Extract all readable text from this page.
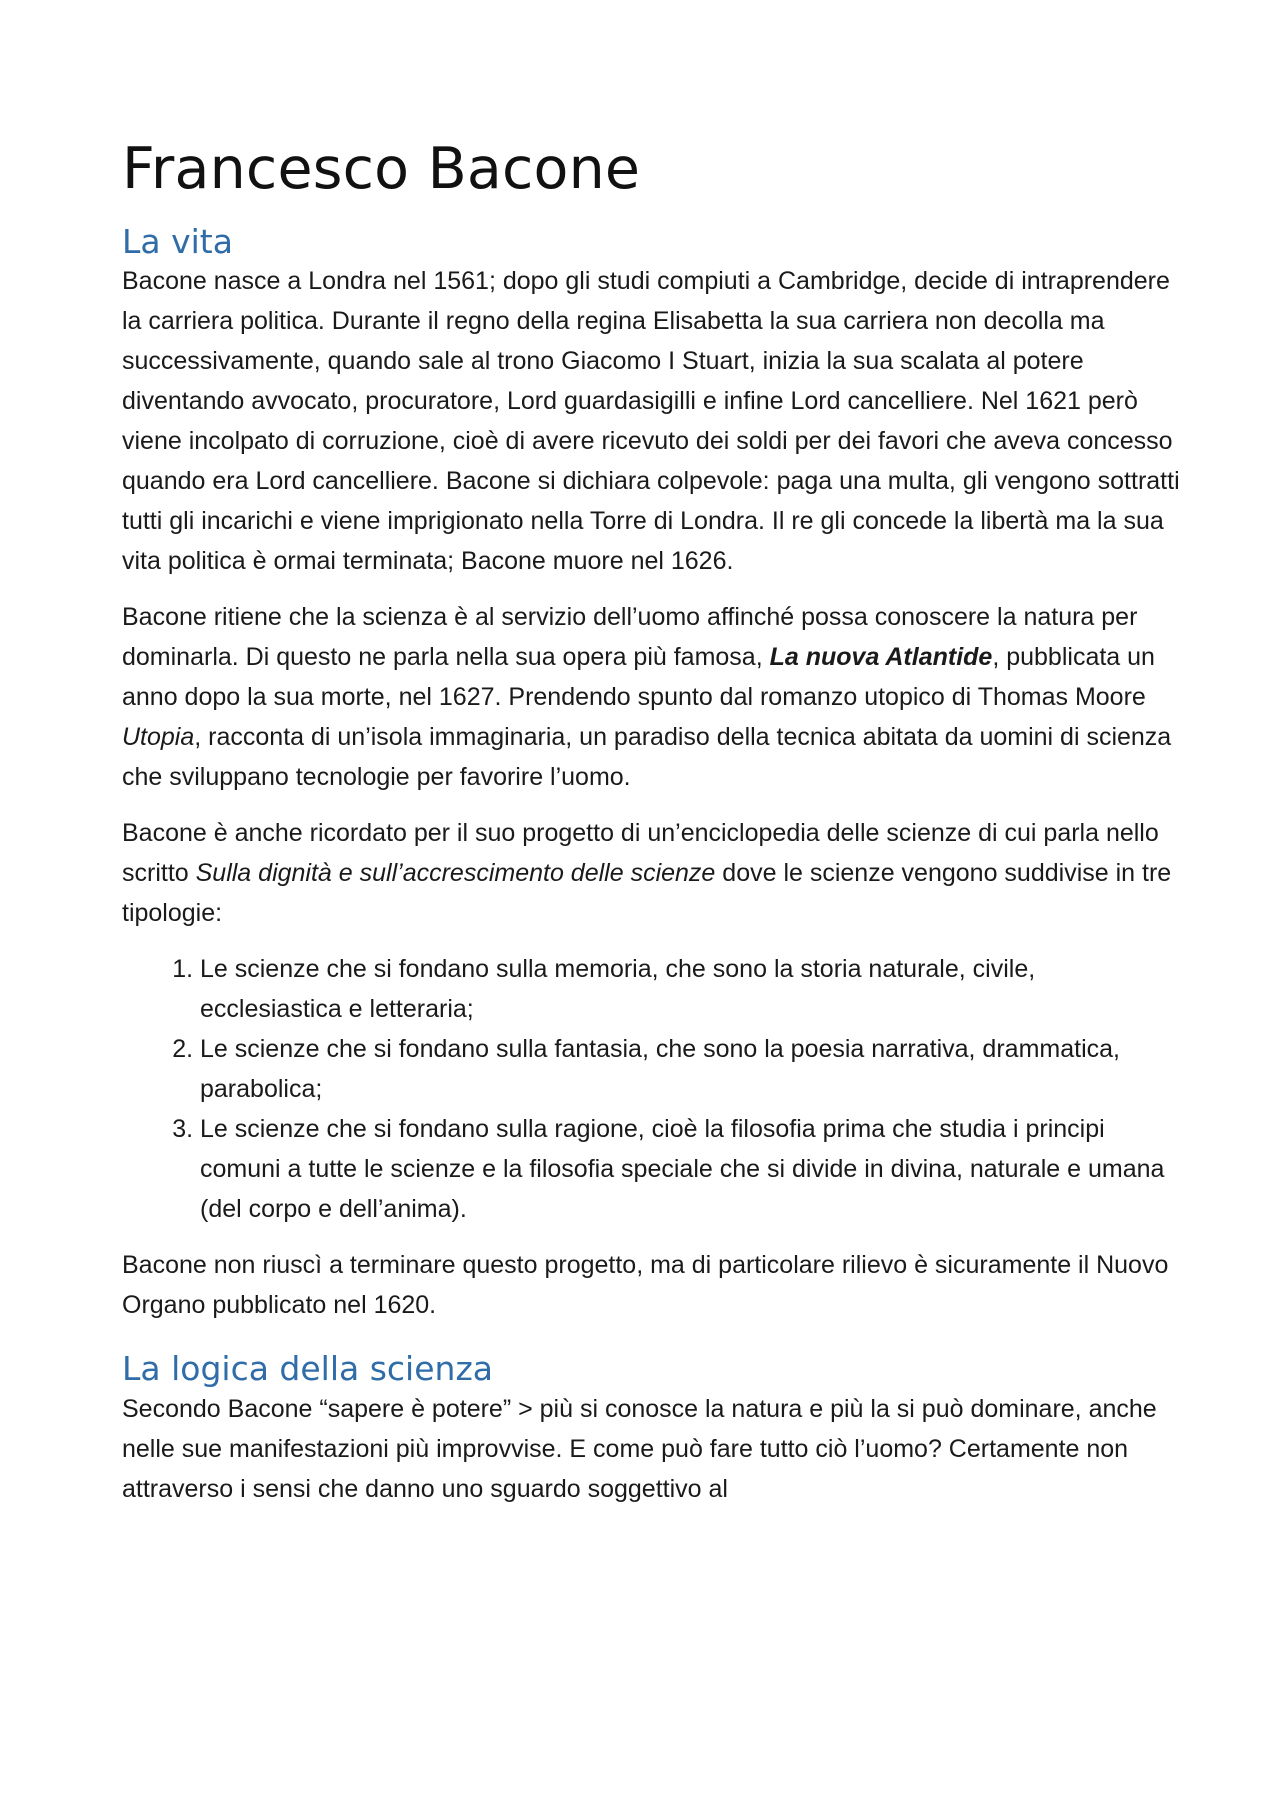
Francesco Bacone
La vita

Bacone nasce a Londra nel 1561; dopo gli studi compiuti a Cambridge, decide di intraprendere la carriera politica. Durante il regno della regina Elisabetta la sua carriera non decolla ma successivamente, quando sale al trono Giacomo I Stuart, inizia la sua scalata al potere diventando avvocato, procuratore, Lord guardasigilli e infine Lord cancelliere. Nel 1621 però viene incolpato di corruzione, cioè di avere ricevuto dei soldi per dei favori che aveva concesso quando era Lord cancelliere. Bacone si dichiara colpevole: paga una multa, gli vengono sottratti tutti gli incarichi e viene imprigionato nella Torre di Londra. Il re gli concede la libertà ma la sua vita politica è ormai terminata; Bacone muore nel 1626.

Bacone ritiene che la scienza è al servizio dell’uomo affinché possa conoscere la natura per dominarla. Di questo ne parla nella sua opera più famosa, La nuova Atlantide, pubblicata un anno dopo la sua morte, nel 1627. Prendendo spunto dal romanzo utopico di Thomas Moore Utopia, racconta di un’isola immaginaria, un paradiso della tecnica abitata da uomini di scienza che sviluppano tecnologie per favorire l’uomo.

Bacone è anche ricordato per il suo progetto di un’enciclopedia delle scienze di cui parla nello scritto Sulla dignità e sull’accrescimento delle scienze dove le scienze vengono suddivise in tre tipologie:

1. Le scienze che si fondano sulla memoria, che sono la storia naturale, civile, ecclesiastica e letteraria;
2. Le scienze che si fondano sulla fantasia, che sono la poesia narrativa, drammatica, parabolica;
3. Le scienze che si fondano sulla ragione, cioè la filosofia prima che studia i principi comuni a tutte le scienze e la filosofia speciale che si divide in divina, naturale e umana (del corpo e dell’anima).

Bacone non riuscì a terminare questo progetto, ma di particolare rilievo è sicuramente il Nuovo Organo pubblicato nel 1620.

La logica della scienza

Secondo Bacone “sapere è potere” > più si conosce la natura e più la si può dominare, anche nelle sue manifestazioni più improvvise. E come può fare tutto ciò l’uomo? Certamente non attraverso i sensi che danno uno sguardo soggettivo al
